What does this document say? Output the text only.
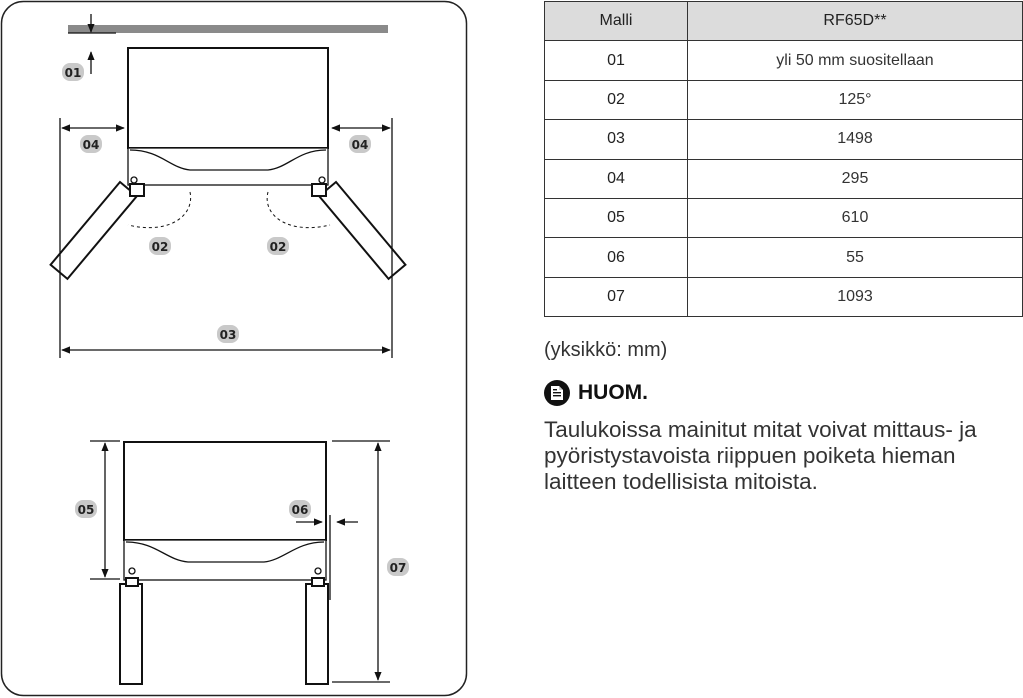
01
04	04
02	02
03
05	06
07
Malli	RF65D**
01	yli 50 mm suositellaan
02	125°
03	1498
04	295
05	610
06	55
07	1093
(yksikkö: mm)
HUOM.
Taulukoissa mainitut mitat voivat mittaus- ja
pyöristystavoista riippuen poiketa hieman
laitteen todellisista mitoista.
